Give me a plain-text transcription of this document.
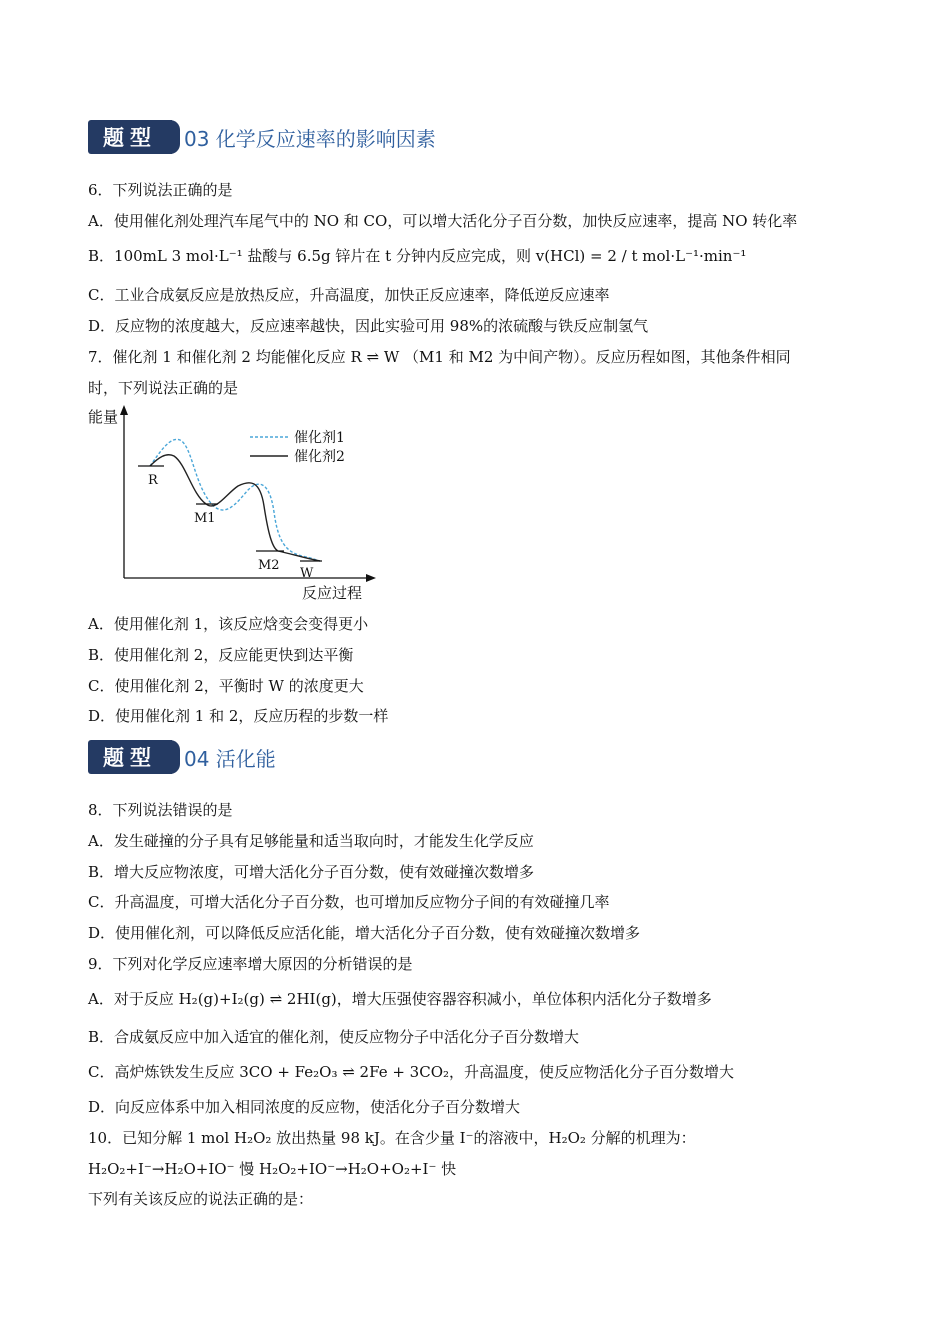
题型	03 化学反应速率的影响因素
6．下列说法正确的是
A．使用催化剂处理汽车尾气中的 NO 和 CO，可以增大活化分子百分数，加快反应速率，提高 NO 转化率
B．100mL 3 mol·L⁻¹ 盐酸与 6.5g 锌片在 t 分钟内反应完成，则 v(HCl) = 2 / t mol·L⁻¹·min⁻¹
C．工业合成氨反应是放热反应，升高温度，加快正反应速率，降低逆反应速率
D．反应物的浓度越大，反应速率越快，因此实验可用 98%的浓硫酸与铁反应制氢气
7．催化剂 1 和催化剂 2 均能催化反应 R ⇌ W （M1 和 M2 为中间产物）。反应历程如图，其他条件相同
时，下列说法正确的是
能量
R
M1
M2
W
催化剂1
催化剂2
反应过程
A．使用催化剂 1，该反应焓变会变得更小
B．使用催化剂 2，反应能更快到达平衡
C．使用催化剂 2，平衡时 W 的浓度更大
D．使用催化剂 1 和 2，反应历程的步数一样
题型	04 活化能
8．下列说法错误的是
A．发生碰撞的分子具有足够能量和适当取向时，才能发生化学反应
B．增大反应物浓度，可增大活化分子百分数，使有效碰撞次数增多
C．升高温度，可增大活化分子百分数，也可增加反应物分子间的有效碰撞几率
D．使用催化剂，可以降低反应活化能，增大活化分子百分数，使有效碰撞次数增多
9．下列对化学反应速率增大原因的分析错误的是
A．对于反应 H₂(g)+I₂(g) ⇌ 2HI(g)，增大压强使容器容积减小，单位体积内活化分子数增多
B．合成氨反应中加入适宜的催化剂，使反应物分子中活化分子百分数增大
C．高炉炼铁发生反应 3CO + Fe₂O₃ ⇌ 2Fe + 3CO₂，升高温度，使反应物活化分子百分数增大
D．向反应体系中加入相同浓度的反应物，使活化分子百分数增大
10．已知分解 1 mol H₂O₂ 放出热量 98 kJ。在含少量 I⁻的溶液中，H₂O₂ 分解的机理为：
H₂O₂+I⁻→H₂O+IO⁻ 慢 H₂O₂+IO⁻→H₂O+O₂+I⁻ 快
下列有关该反应的说法正确的是：
